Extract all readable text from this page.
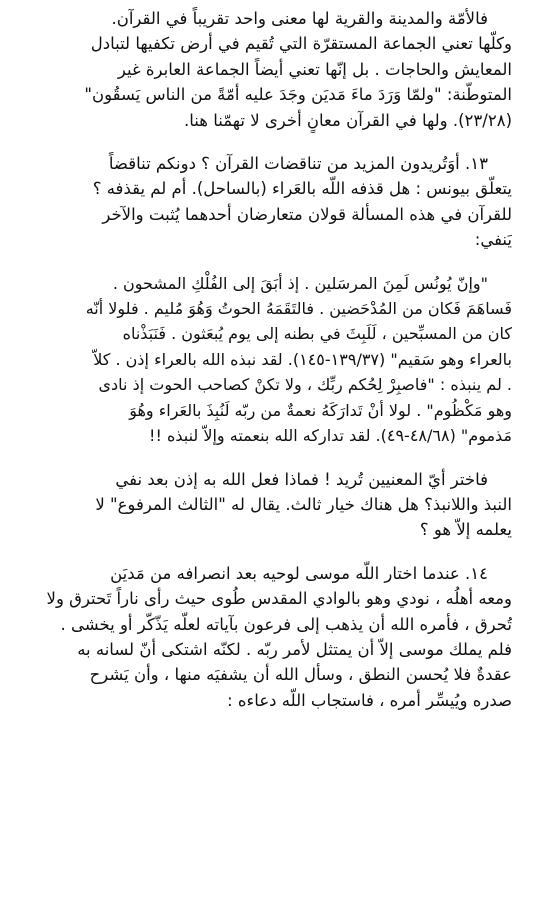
فالأمّة والمدينة والقرية لها معنى واحد تقريباً في القرآن.
وكلّها تعني الجماعة المستقرّة التي تُقيم في أرض تكفيها لتبادل
المعايش والحاجات . بل إنّها تعني أيضاً الجماعة العابرة غير
المتوطّنة: "ولمّا وَرَدَ ماءَ مَديَن وجَدَ عليه أمّةً من الناس يَسقُون"
(٢٣/٢٨). ولها في القرآن معانٍ أخرى لا تهمّنا هنا.
١٣. أوَتُريدون المزيد من تناقضات القرآن ؟ دونكم تناقضاً
يتعلّق بيونس : هل قذفه اللّه بالعَراء (بالساحل). أم لم يقذفه ؟
للقرآن في هذه المسألة قولان متعارضان أحدهما يُثبت والآخر
يَنفي:
"وإنّ يُونُس لَمِنَ المرسَلين . إذ أبَقَ إلى الفُلْكِ المشحون .
فَساهَمَ فَكان من المُدْحَضين . فالتَقَمَهُ الحوتُ وَهُوَ مُليم . فلولا أنّه
كان من المسبِّحين ، لَلَبِثَ في بطنه إلى يوم يُبعَثون . فَنَبَذْناه
بالعراء وهو سَقيم" (١٣٩/٣٧-١٤٥). لقد نبذه الله بالعراء إذن . كلاّ
. لم ينبذه : "فاصبِرْ لِحُكم ربِّك ، ولا تكنْ كصاحب الحوت إذ نادى
وهو مَكْظُوم" . لولا أنْ تَدارَكَهُ نعمةٌ من ربّه لَنُبِذَ بالعَراء وهُوَ
مَذموم" (٤٨/٦٨-٤٩). لقد تداركه الله بنعمته وإلاّ لنبذه !!
فاختر أيّ المعنيين تُريد ! فماذا فعل الله به إذن بعد نفي
النبذ واللانبذ؟ هل هناك خيار ثالث. يقال له "الثالث المرفوع" لا
يعلمه إلاّ هو ؟
١٤. عندما اختار اللّه موسى لوحيه بعد انصرافه من مَديَن
ومعه أهلُه ، نودي وهو بالوادي المقدس طُوى حيث رأى ناراً تَحترق ولا
تُحرق ، فأمره الله أن يذهب إلى فرعون بآياته لعلّه يَذّكّر أو يخشى .
فلم يملك موسى إلاّ أن يمتثل لأمر ربّه . لكنّه اشتكى أنّ لسانه به
عقدةٌ فلا يُحسن النطق ، وسأل الله أن يشفيَه منها ، وأن يَشرح
صدره ويُيسِّر أمره ، فاستجاب اللّه دعاءه :
